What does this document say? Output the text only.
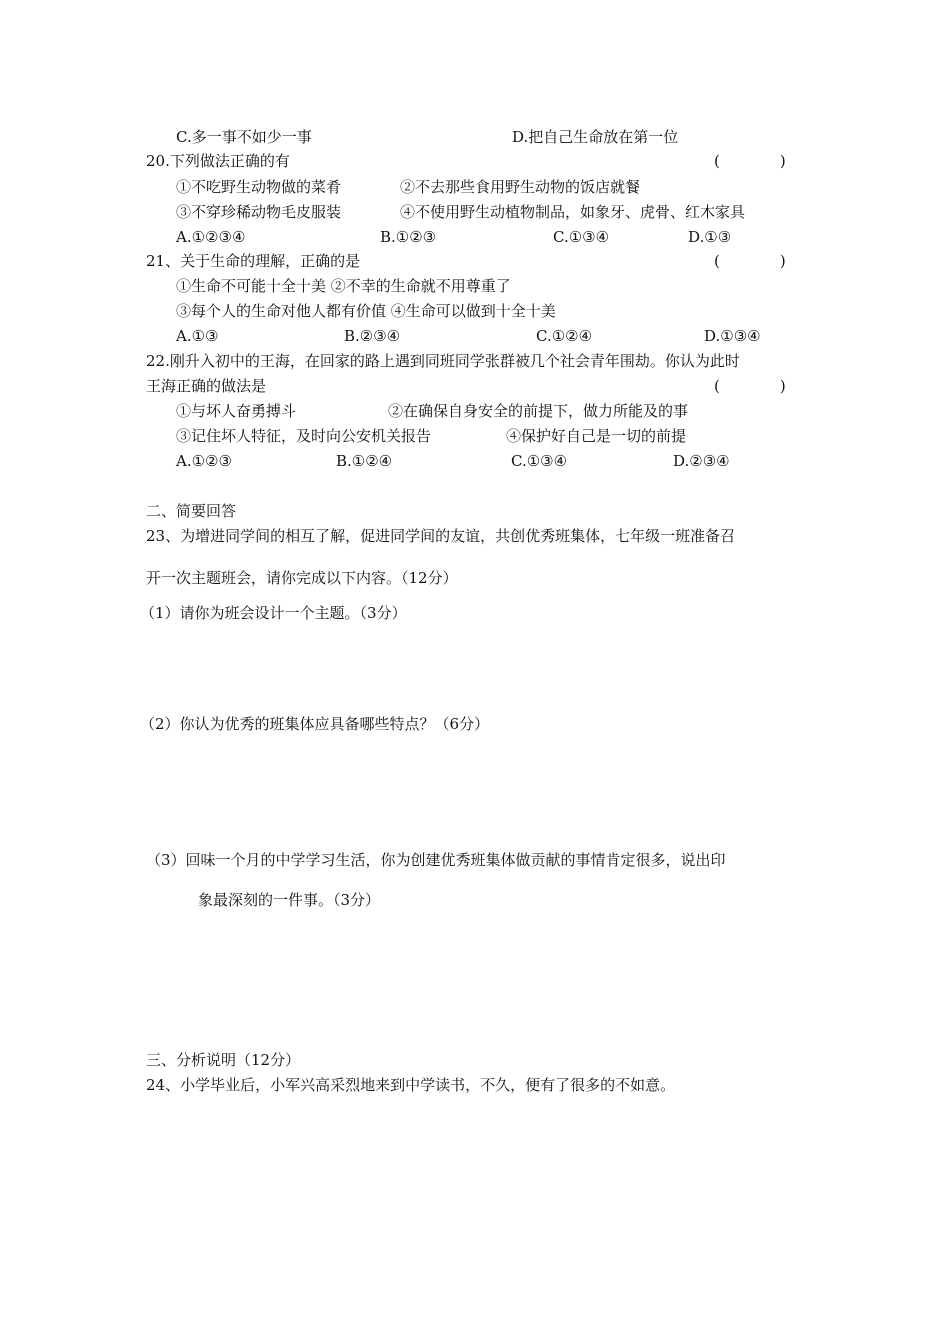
C.多一事不如少一事	D.把自己生命放在第一位
20.下列做法正确的有	(　　　　)
①不吃野生动物做的菜肴	②不去那些食用野生动物的饭店就餐
③不穿珍稀动物毛皮服装	④不使用野生动植物制品，如象牙、虎骨、红木家具
A.①②③④	B.①②③	C.①③④	D.①③
21、关于生命的理解，正确的是	(　　　　)
①生命不可能十全十美 ②不幸的生命就不用尊重了
③每个人的生命对他人都有价值 ④生命可以做到十全十美
A.①③	B.②③④	C.①②④	D.①③④
22.刚升入初中的王海，在回家的路上遇到同班同学张群被几个社会青年围劫。你认为此时
王海正确的做法是	(　　　　)
①与坏人奋勇搏斗	②在确保自身安全的前提下，做力所能及的事
③记住坏人特征，及时向公安机关报告	④保护好自己是一切的前提
A.①②③	B.①②④	C.①③④	D.②③④
二、简要回答
23、为增进同学间的相互了解，促进同学间的友谊，共创优秀班集体，七年级一班准备召
开一次主题班会，请你完成以下内容。（12分）
（1）请你为班会设计一个主题。（3分）
（2）你认为优秀的班集体应具备哪些特点？（6分）
（3）回味一个月的中学学习生活，你为创建优秀班集体做贡献的事情肯定很多，说出印
象最深刻的一件事。（3分）
三、分析说明（12分）
24、小学毕业后，小军兴高采烈地来到中学读书，不久，便有了很多的不如意。
